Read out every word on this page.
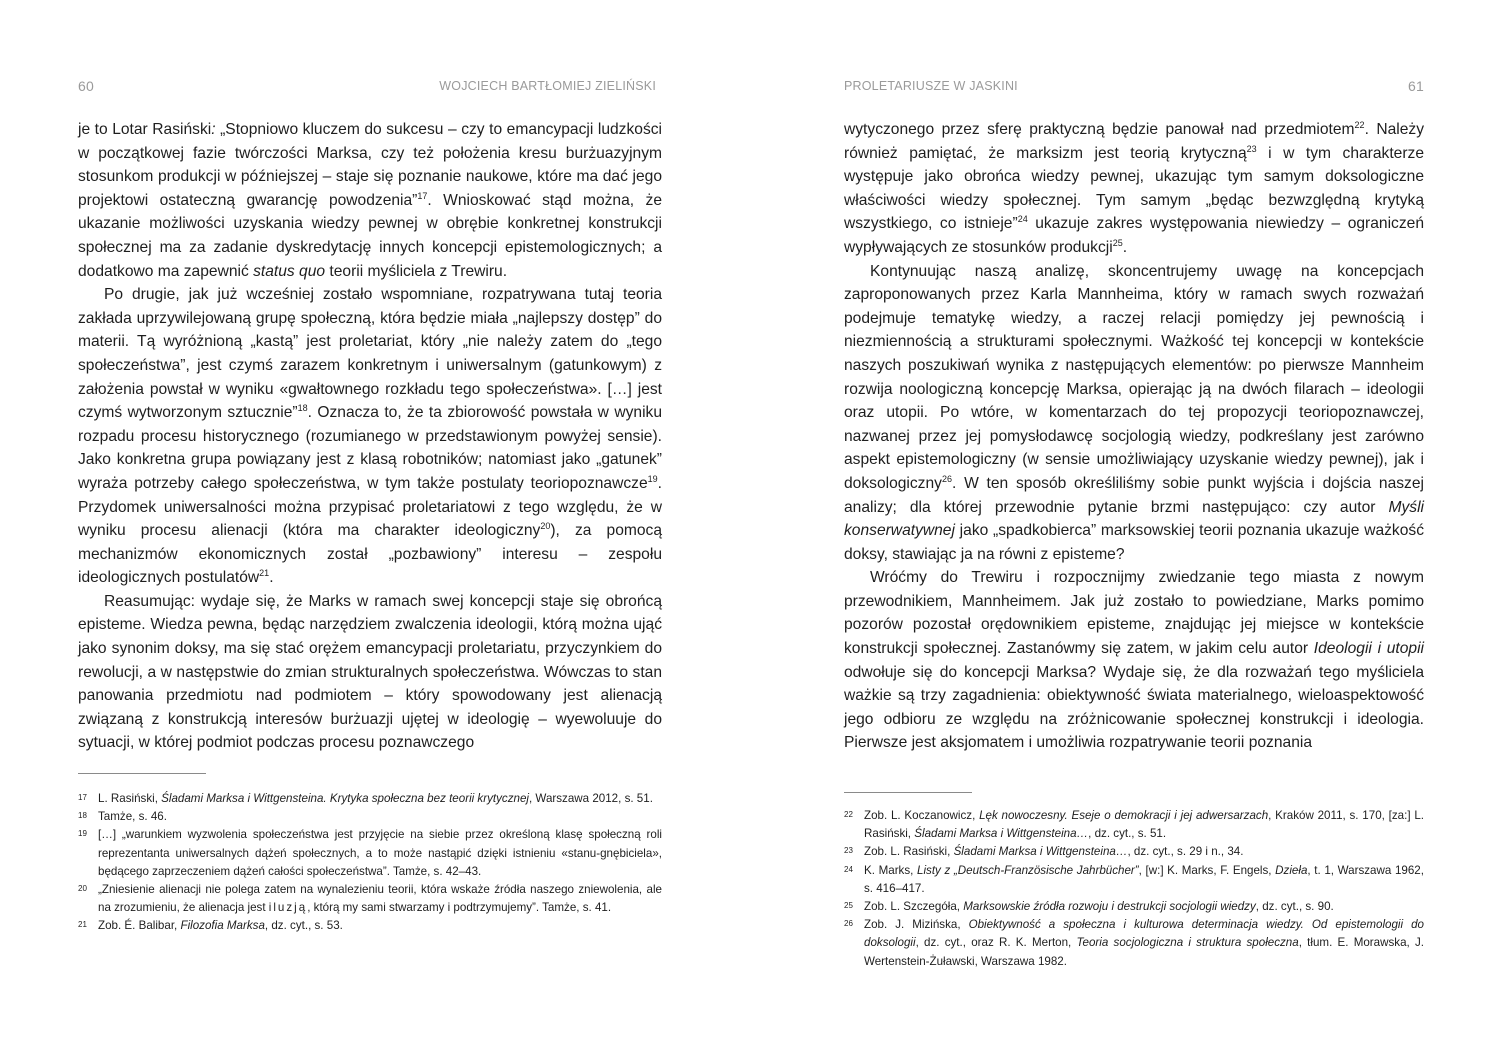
60	WOJCIECH BARTŁOMIEJ ZIELIŃSKI

je to Lotar Rasiński: „Stopniowo kluczem do sukcesu – czy to emancypacji ludzkości w początkowej fazie twórczości Marksa, czy też położenia kresu burżuazyjnym stosunkom produkcji w późniejszej – staje się poznanie naukowe, które ma dać jego projektowi ostateczną gwarancję powodzenia”$^{17}$. Wnioskować stąd można, że ukazanie możliwości uzyskania wiedzy pewnej w obrębie konkretnej konstrukcji społecznej ma za zadanie dyskredytację innych koncepcji epistemologicznych; a dodatkowo ma zapewnić status quo teorii myśliciela z Trewiru.

Po drugie, jak już wcześniej zostało wspomniane, rozpatrywana tutaj teoria zakłada uprzywilejowaną grupę społeczną, która będzie miała „najlepszy dostęp” do materii. Tą wyróżnioną „kastą” jest proletariat, który „nie należy zatem do „tego społeczeństwa”, jest czymś zarazem konkretnym i uniwersalnym (gatunkowym) z założenia powstał w wyniku «gwałtownego rozkładu tego społeczeństwa». […] jest czymś wytworzonym sztucznie”$^{18}$. Oznacza to, że ta zbiorowość powstała w wyniku rozpadu procesu historycznego (rozumianego w przedstawionym powyżej sensie). Jako konkretna grupa powiązany jest z klasą robotników; natomiast jako „gatunek” wyraża potrzeby całego społeczeństwa, w tym także postulaty teoriopoznawcze$^{19}$. Przydomek uniwersalności można przypisać proletariatowi z tego względu, że w wyniku procesu alienacji (która ma charakter ideologiczny$^{20}$), za pomocą mechanizmów ekonomicznych został „pozbawiony” interesu – zespołu ideologicznych postulatów$^{21}$.

Reasumując: wydaje się, że Marks w ramach swej koncepcji staje się obrońcą episteme. Wiedza pewna, będąc narzędziem zwalczenia ideologii, którą można ująć jako synonim doksy, ma się stać orężem emancypacji proletariatu, przyczynkiem do rewolucji, a w następstwie do zmian strukturalnych społeczeństwa. Wówczas to stan panowania przedmiotu nad podmiotem – który spowodowany jest alienacją związaną z konstrukcją interesów burżuazji ujętej w ideologię – wyewoluuje do sytuacji, w której podmiot podczas procesu poznawczego

17 L. Rasiński, Śladami Marksa i Wittgensteina. Krytyka społeczna bez teorii krytycznej, Warszawa 2012, s. 51.
18 Tamże, s. 46.
19 […] „warunkiem wyzwolenia społeczeństwa jest przyjęcie na siebie przez określoną klasę społeczną roli reprezentanta uniwersalnych dążeń społecznych, a to może nastąpić dzięki istnieniu «stanu-gnębiciela», będącego zaprzeczeniem dążeń całości społeczeństwa”. Tamże, s. 42–43.
20 „Zniesienie alienacji nie polega zatem na wynalezieniu teorii, która wskaże źródła naszego zniewolenia, ale na zrozumieniu, że alienacja jest iluzją, którą my sami stwarzamy i podtrzymujemy”. Tamże, s. 41.
21 Zob. É. Balibar, Filozofia Marksa, dz. cyt., s. 53.
PROLETARIUSZE W JASKINI	61

wytyczonego przez sferę praktyczną będzie panował nad przedmiotem$^{22}$. Należy również pamiętać, że marksizm jest teorią krytyczną$^{23}$ i w tym charakterze występuje jako obrońca wiedzy pewnej, ukazując tym samym doksologiczne właściwości wiedzy społecznej. Tym samym „będąc bezwzględną krytyką wszystkiego, co istnieje”$^{24}$ ukazuje zakres występowania niewiedzy – ograniczeń wypływających ze stosunków produkcji$^{25}$.

Kontynuując naszą analizę, skoncentrujemy uwagę na koncepcjach zaproponowanych przez Karla Mannheima, który w ramach swych rozważań podejmuje tematykę wiedzy, a raczej relacji pomiędzy jej pewnością i niezmiennością a strukturami społecznymi. Ważkość tej koncepcji w kontekście naszych poszukiwań wynika z następujących elementów: po pierwsze Mannheim rozwija noologiczną koncepcję Marksa, opierając ją na dwóch filarach – ideologii oraz utopii. Po wtóre, w komentarzach do tej propozycji teoriopoznawczej, nazwanej przez jej pomysłodawcę socjologią wiedzy, podkreślany jest zarówno aspekt epistemologiczny (w sensie umożliwiający uzyskanie wiedzy pewnej), jak i doksologiczny$^{26}$. W ten sposób określiliśmy sobie punkt wyjścia i dojścia naszej analizy; dla której przewodnie pytanie brzmi następująco: czy autor Myśli konserwatywnej jako „spadkobierca” marksowskiej teorii poznania ukazuje ważkość doksy, stawiając ja na równi z episteme?

Wróćmy do Trewiru i rozpocznijmy zwiedzanie tego miasta z nowym przewodnikiem, Mannheimem. Jak już zostało to powiedziane, Marks pomimo pozorów pozostał orędownikiem episteme, znajdując jej miejsce w kontekście konstrukcji społecznej. Zastanówmy się zatem, w jakim celu autor Ideologii i utopii odwołuje się do koncepcji Marksa? Wydaje się, że dla rozważań tego myśliciela ważkie są trzy zagadnienia: obiektywność świata materialnego, wieloaspektowość jego odbioru ze względu na zróżnicowanie społecznej konstrukcji i ideologia. Pierwsze jest aksjomatem i umożliwia rozpatrywanie teorii poznania

22 Zob. L. Koczanowicz, Lęk nowoczesny. Eseje o demokracji i jej adwersarzach, Kraków 2011, s. 170, [za:] L. Rasiński, Śladami Marksa i Wittgensteina…, dz. cyt., s. 51.
23 Zob. L. Rasiński, Śladami Marksa i Wittgensteina…, dz. cyt., s. 29 i n., 34.
24 K. Marks, Listy z „Deutsch-Französische Jahrbücher”, [w:] K. Marks, F. Engels, Dzieła, t. 1, Warszawa 1962, s. 416–417.
25 Zob. L. Szczegóła, Marksowskie źródła rozwoju i destrukcji socjologii wiedzy, dz. cyt., s. 90.
26 Zob. J. Mizińska, Obiektywność a społeczna i kulturowa determinacja wiedzy. Od epistemologii do doksologii, dz. cyt., oraz R. K. Merton, Teoria socjologiczna i struktura społeczna, tłum. E. Morawska, J. Wertenstein-Żuławski, Warszawa 1982.
